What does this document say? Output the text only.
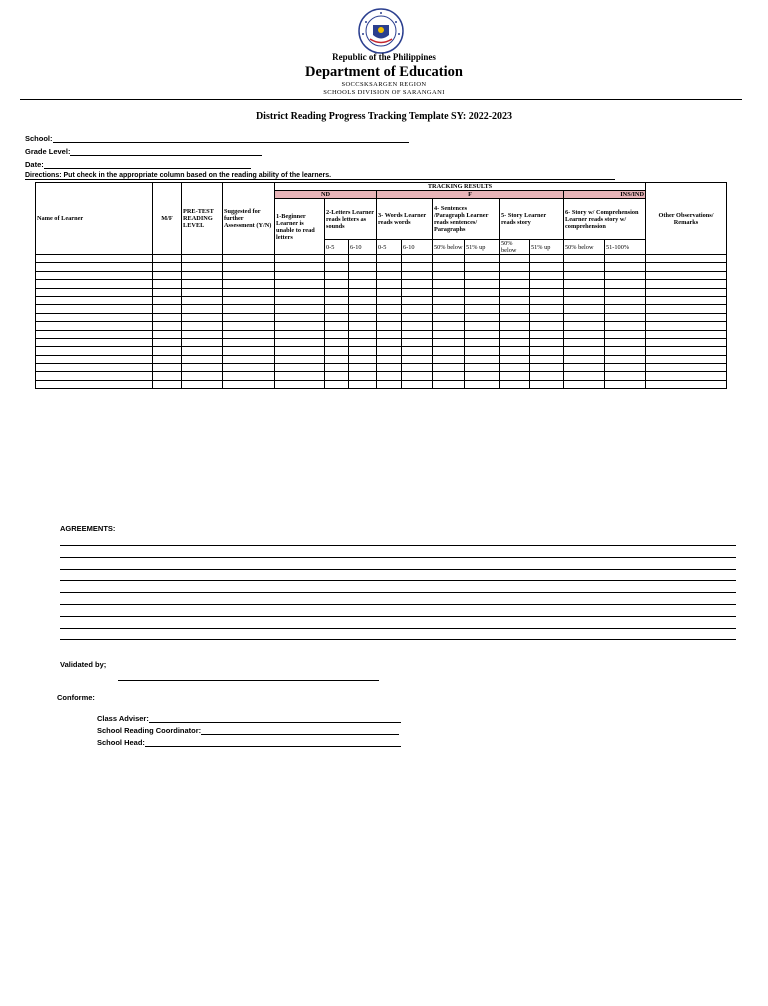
Republic of the Philippines
Department of Education
SOCCSKSARGEN REGION
SCHOOLS DIVISION OF SARANGANI
District Reading Progress Tracking Template SY: 2022-2023
School:
Grade Level:
Date:
Directions: Put check in the appropriate column based on the reading ability of the learners.
Name of Learner	M/F	PRE-TEST READING LEVEL	Suggested for further Assessment (Y/N)	TRACKING RESULTS											Other Observations/ Remarks
				ND			F						INS/IND		
				1-Beginner Learner is unable to read letters	2-Letters Learner reads letters as sounds		3- Words Learner reads words		4- Sentences /Paragraph Learner reads sentences/ Paragraphs		5- Story Learner reads story		6- Story w/ Comprehension Learner reads story w/ comprehension		
					0-5	6-10	0-5	6-10	50% below	51% up	50% below	51% up	50% below	51-100%	

AGREEMENTS:
Validated by;
Conforme:
Class Adviser:
School Reading Coordinator:
School Head:
